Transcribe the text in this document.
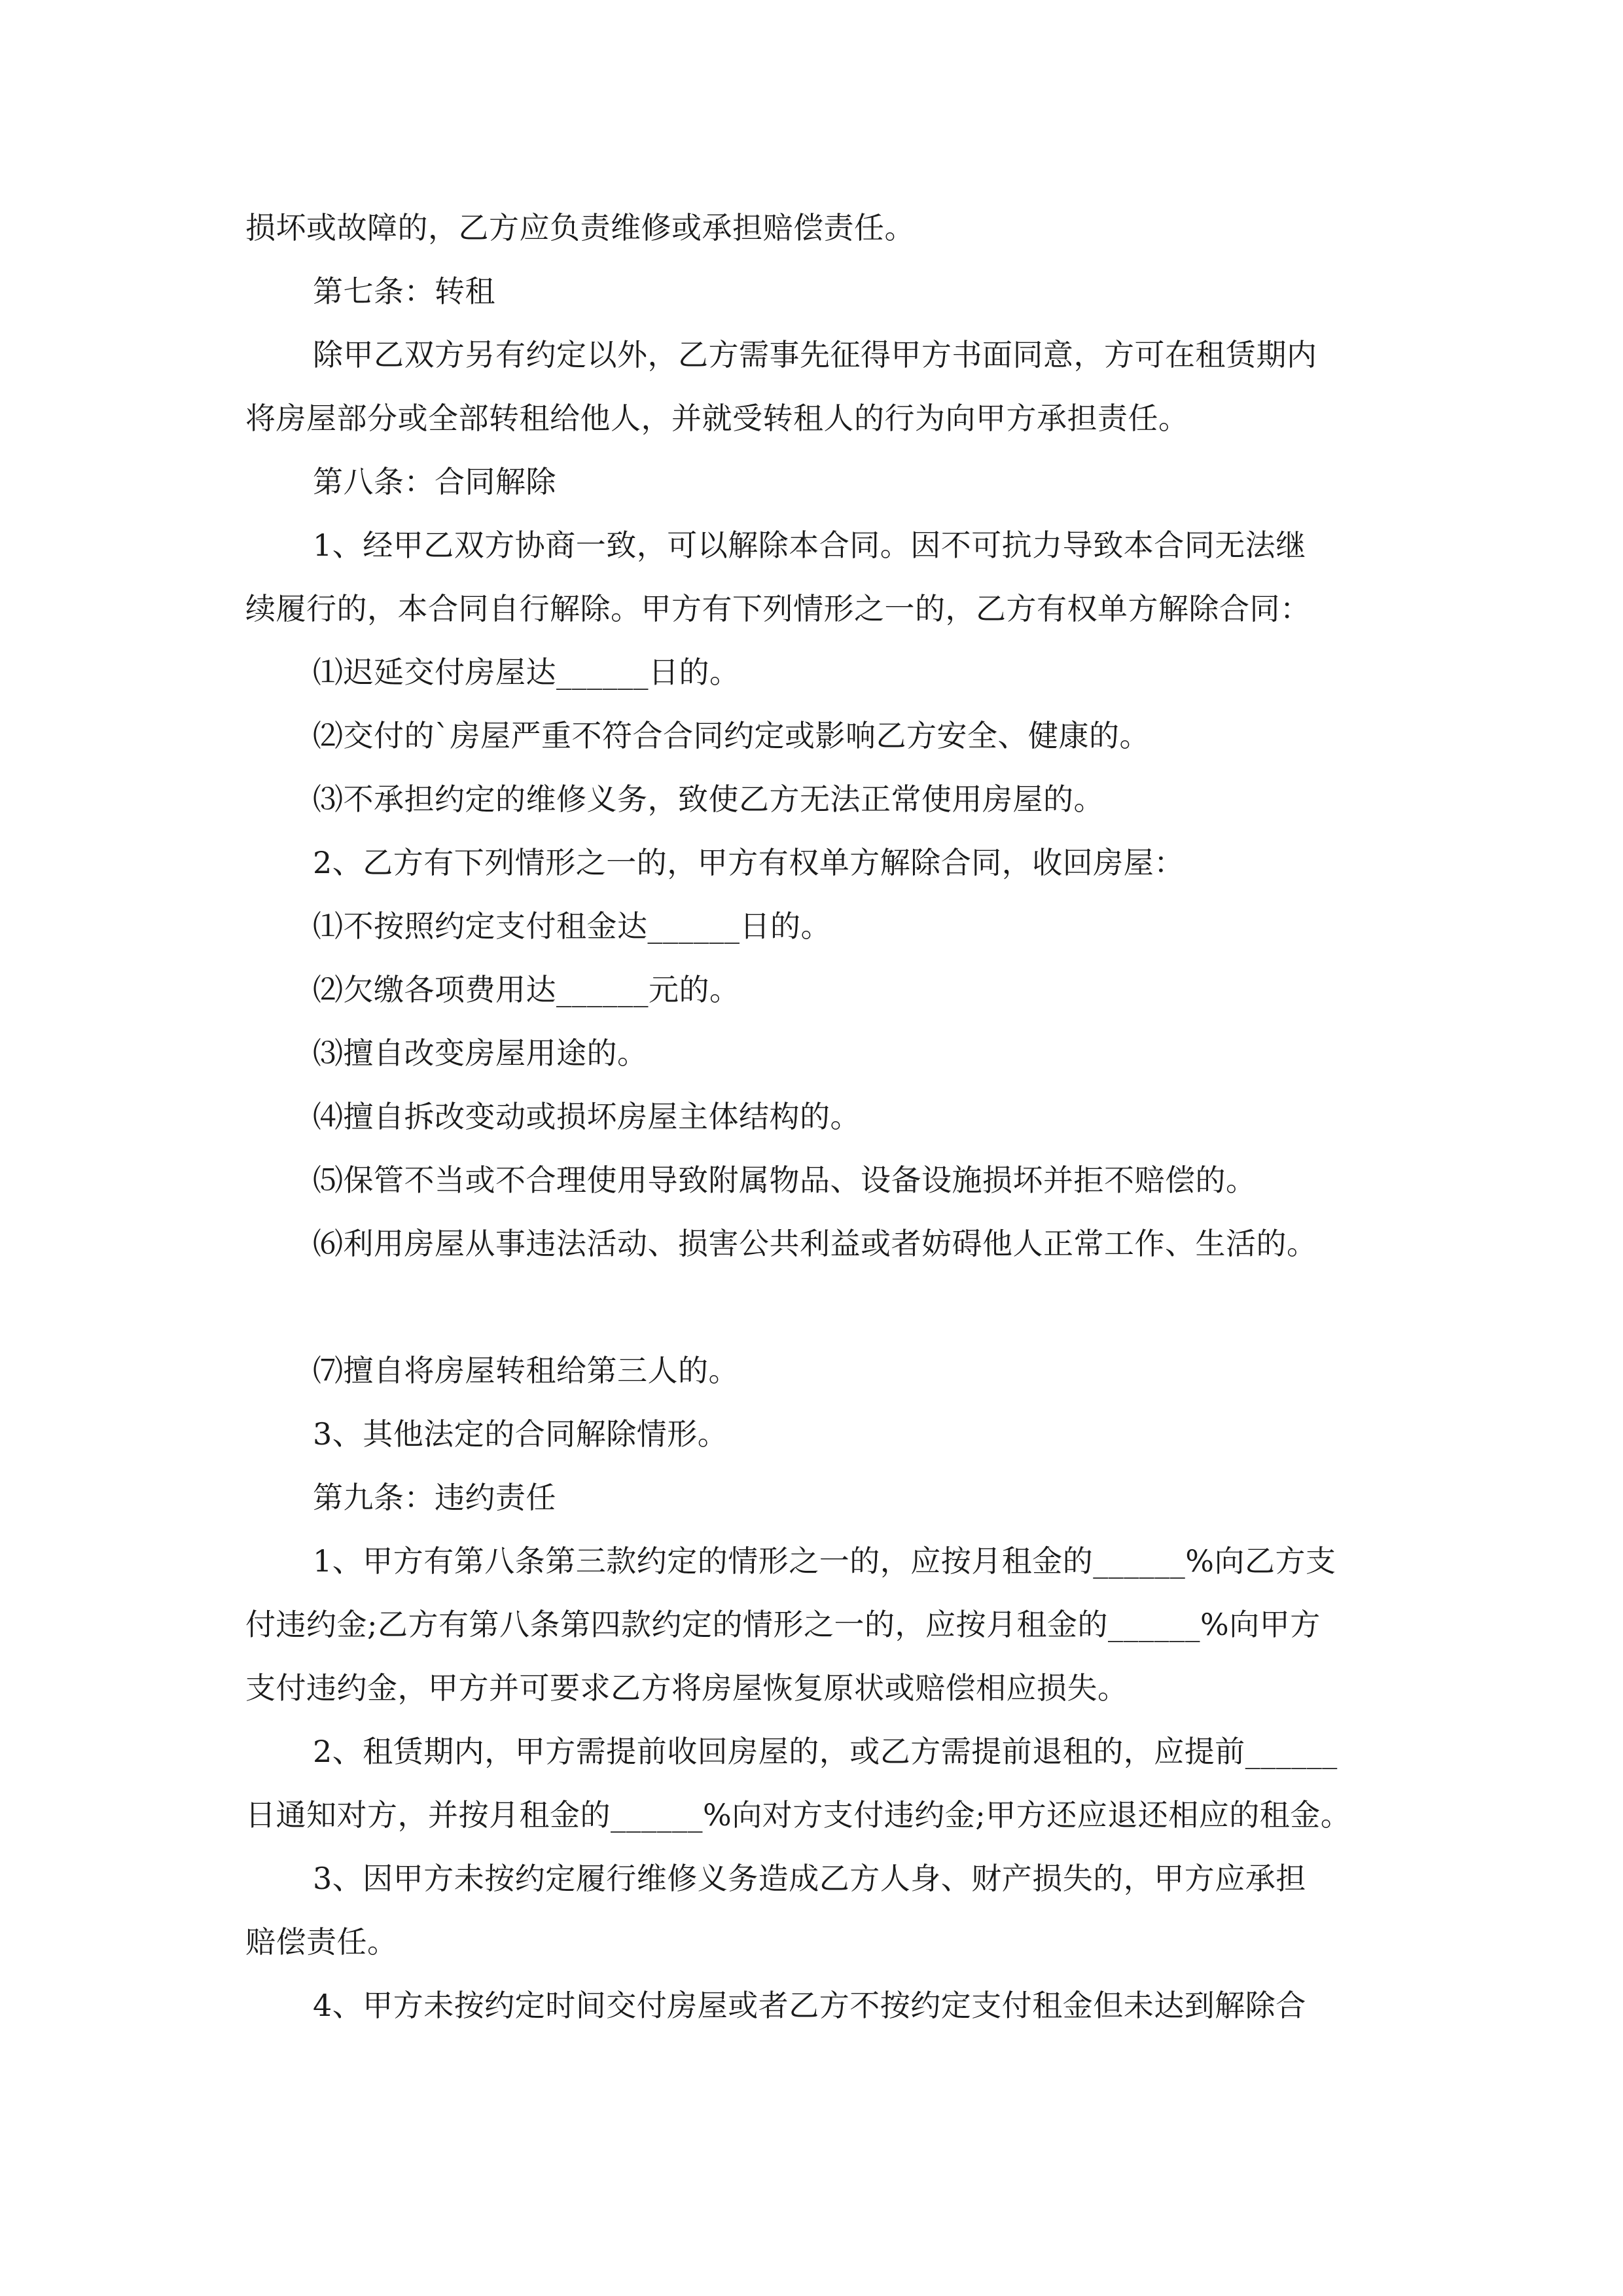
损坏或故障的，乙方应负责维修或承担赔偿责任。
第七条：转租
除甲乙双方另有约定以外，乙方需事先征得甲方书面同意，方可在租赁期内
将房屋部分或全部转租给他人，并就受转租人的行为向甲方承担责任。
第八条：合同解除
1、经甲乙双方协商一致，可以解除本合同。因不可抗力导致本合同无法继
续履行的，本合同自行解除。甲方有下列情形之一的，乙方有权单方解除合同：
⑴迟延交付房屋达______日的。
⑵交付的`房屋严重不符合合同约定或影响乙方安全、健康的。
⑶不承担约定的维修义务，致使乙方无法正常使用房屋的。
2、乙方有下列情形之一的，甲方有权单方解除合同，收回房屋：
⑴不按照约定支付租金达______日的。
⑵欠缴各项费用达______元的。
⑶擅自改变房屋用途的。
⑷擅自拆改变动或损坏房屋主体结构的。
⑸保管不当或不合理使用导致附属物品、设备设施损坏并拒不赔偿的。
⑹利用房屋从事违法活动、损害公共利益或者妨碍他人正常工作、生活的。
⑺擅自将房屋转租给第三人的。
3、其他法定的合同解除情形。
第九条：违约责任
1、甲方有第八条第三款约定的情形之一的，应按月租金的______%向乙方支
付违约金;乙方有第八条第四款约定的情形之一的，应按月租金的______%向甲方
支付违约金，甲方并可要求乙方将房屋恢复原状或赔偿相应损失。
2、租赁期内，甲方需提前收回房屋的，或乙方需提前退租的，应提前______
日通知对方，并按月租金的______%向对方支付违约金;甲方还应退还相应的租金。
3、因甲方未按约定履行维修义务造成乙方人身、财产损失的，甲方应承担
赔偿责任。
4、甲方未按约定时间交付房屋或者乙方不按约定支付租金但未达到解除合
